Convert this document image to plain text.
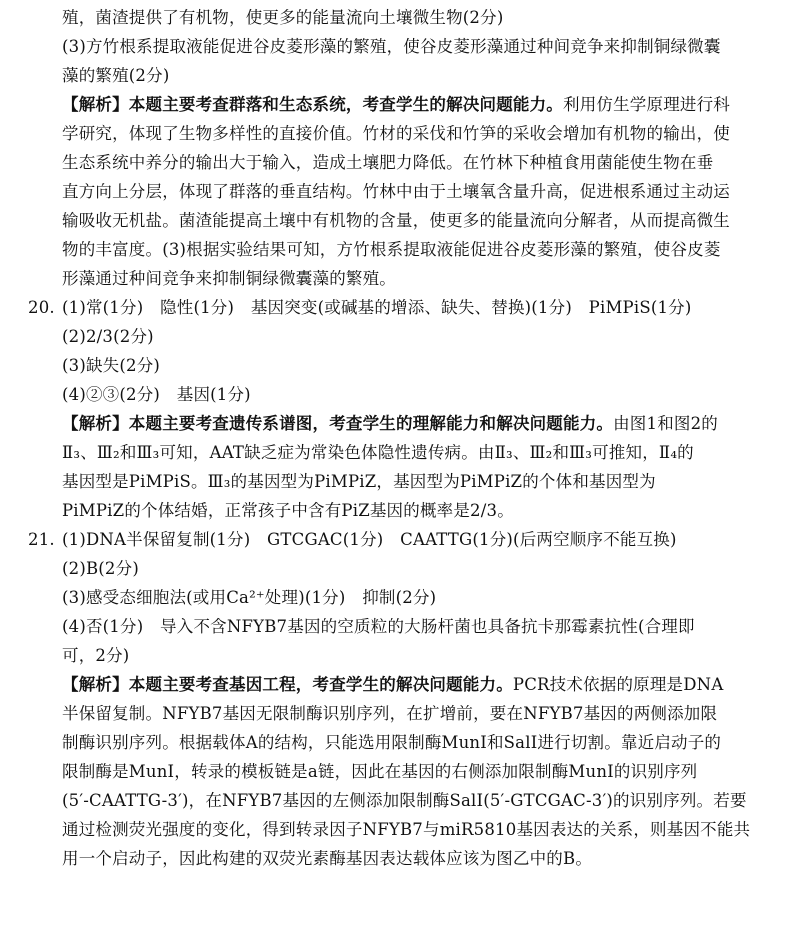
殖，菌渣提供了有机物，使更多的能量流向土壤微生物(2分)
(3)方竹根系提取液能促进谷皮菱形藻的繁殖，使谷皮菱形藻通过种间竞争来抑制铜绿微囊
藻的繁殖(2分)
【解析】本题主要考查群落和生态系统，考查学生的解决问题能力。利用仿生学原理进行科
学研究，体现了生物多样性的直接价值。竹材的采伐和竹笋的采收会增加有机物的输出，使
生态系统中养分的输出大于输入，造成土壤肥力降低。在竹林下种植食用菌能使生物在垂
直方向上分层，体现了群落的垂直结构。竹林中由于土壤氧含量升高，促进根系通过主动运
输吸收无机盐。菌渣能提高土壤中有机物的含量，使更多的能量流向分解者，从而提高微生
物的丰富度。(3)根据实验结果可知，方竹根系提取液能促进谷皮菱形藻的繁殖，使谷皮菱
形藻通过种间竞争来抑制铜绿微囊藻的繁殖。
20. (1)常(1分)　隐性(1分)　基因突变(或碱基的增添、缺失、替换)(1分)　PiMPiS(1分)
(2)2/3(2分)
(3)缺失(2分)
(4)②③(2分)　基因(1分)
【解析】本题主要考查遗传系谱图，考查学生的理解能力和解决问题能力。由图1和图2的
Ⅱ₃、Ⅲ₂和Ⅲ₃可知，AAT缺乏症为常染色体隐性遗传病。由Ⅱ₃、Ⅲ₂和Ⅲ₃可推知，Ⅱ₄的
基因型是PiMPiS。Ⅲ₃的基因型为PiMPiZ，基因型为PiMPiZ的个体和基因型为
PiMPiZ的个体结婚，正常孩子中含有PiZ基因的概率是2/3。
21. (1)DNA半保留复制(1分)　GTCGAC(1分)　CAATTG(1分)(后两空顺序不能互换)
(2)B(2分)
(3)感受态细胞法(或用Ca²⁺处理)(1分)　抑制(2分)
(4)否(1分)　导入不含NFYB7基因的空质粒的大肠杆菌也具备抗卡那霉素抗性(合理即
可，2分)
【解析】本题主要考查基因工程，考查学生的解决问题能力。PCR技术依据的原理是DNA
半保留复制。NFYB7基因无限制酶识别序列，在扩增前，要在NFYB7基因的两侧添加限
制酶识别序列。根据载体A的结构，只能选用限制酶MunⅠ和SalⅠ进行切割。靠近启动子的
限制酶是MunⅠ，转录的模板链是a链，因此在基因的右侧添加限制酶MunⅠ的识别序列
(5′-CAATTG-3′)，在NFYB7基因的左侧添加限制酶SalⅠ(5′-GTCGAC-3′)的识别序列。若要
通过检测荧光强度的变化，得到转录因子NFYB7与miR5810基因表达的关系，则基因不能共
用一个启动子，因此构建的双荧光素酶基因表达载体应该为图乙中的B。
